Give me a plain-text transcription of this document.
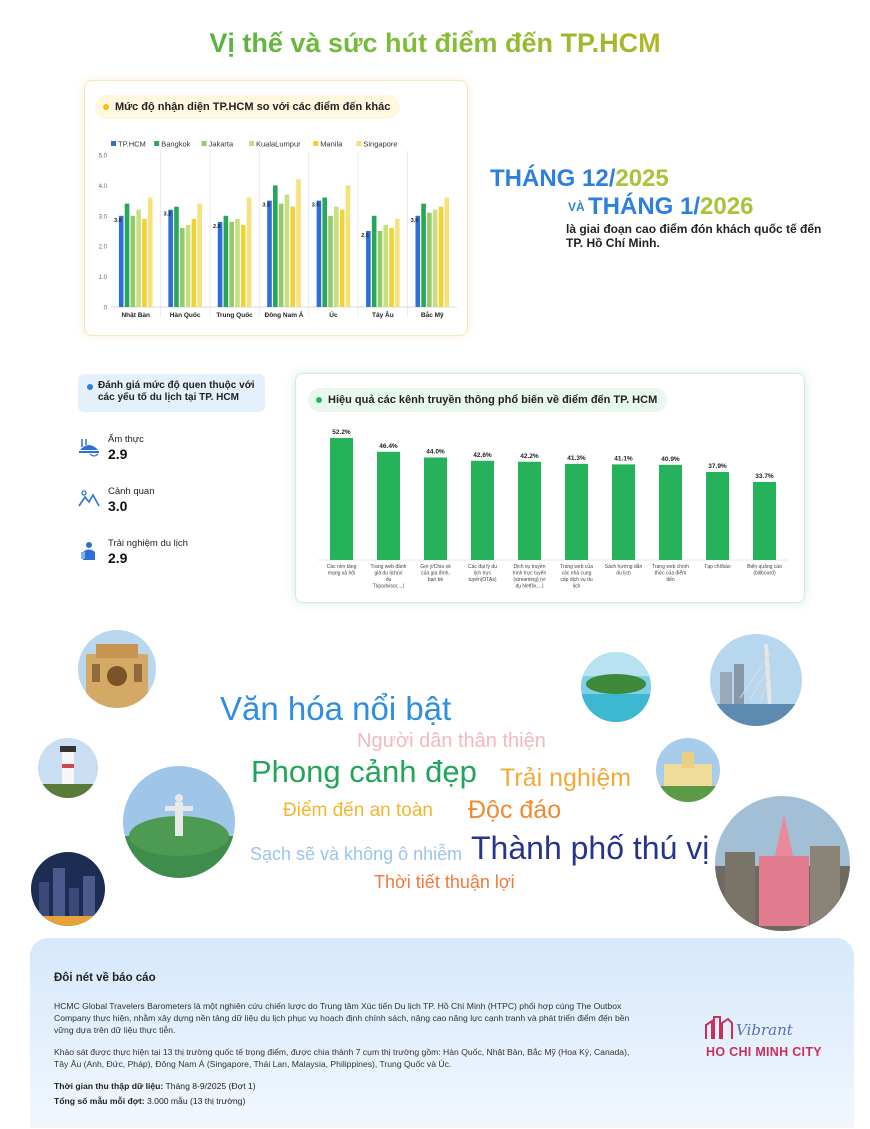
Vị thế và sức hút điểm đến TP.HCM
Mức độ nhận diện TP.HCM so với các điểm đến khác
TP.HCM Bangkok Jakarta	KualaLumpur	Manila	Singapore
0
1.0
2.0
3.0
4.0
5.0
3.0
Nhật Bản
3.2
Hàn Quốc
2.8
Trung Quốc
3.5
Đông Nam Á
3.5
Úc
2.5
Tây Âu
3.0
Bắc Mỹ
THÁNG 12/2025
VÀ THÁNG 1/2026
là giai đoạn cao điểm đón khách quốc tế đến TP. Hồ Chí Minh.
Đánh giá mức độ quen thuộc với các yếu tố du lịch tại TP. HCM
Ẩm thực
2.9
Cảnh quan
3.0
Trải nghiệm du lịch
2.9
Hiệu quả các kênh truyền thông phổ biến về điểm đến TP. HCM
52.2%
Các nền tảng
mạng xã hội
46.4%
Trang web đánh
giá du lịch(ví
dụ
Tripadvisor,...)
44.0%
Gợi ý/Chia sẻ
của gia đình,
bạn bè
42.6%
Các đại lý du
lịch trực
tuyến(OTAs)
42.2%
Dịch vụ truyền
hình trực tuyến
(streaming) (ví
dụ Netflix,...)
41.3%
Trang web của
các nhà cung
cấp dịch vụ du
lịch
41.1%
Sách hướng dẫn
du lịch
40.9%
Trang web chính
thức của điểm
đến
37.9%
Tạp chí/báo
33.7%
Biển quảng cáo
(billboard)
Văn hóa nổi bật
Người dân thân thiện
Phong cảnh đẹp Trải nghiệm
Điểm đến an toàn Độc đáo
Sạch sẽ và không ô nhiễm Thành phố thú vị
Thời tiết thuận lợi
Đôi nét về báo cáo
HCMC Global Travelers Barometers là một nghiên cứu chiến lược do Trung tâm Xúc tiến Du lịch TP. Hồ Chí Minh (HTPC) phối hợp cùng The Outbox Company thực hiện, nhằm xây dựng nền tảng dữ liệu du lịch phục vụ hoạch định chính sách, nâng cao năng lực cạnh tranh và phát triển điểm đến bền vững dựa trên dữ liệu thực tiễn.
Khảo sát được thực hiện tại 13 thị trường quốc tế trọng điểm, được chia thành 7 cụm thị trường gồm: Hàn Quốc, Nhật Bản, Bắc Mỹ (Hoa Kỳ, Canada), Tây Âu (Anh, Đức, Pháp), Đông Nam Á (Singapore, Thái Lan, Malaysia, Philippines), Trung Quốc và Úc.
Thời gian thu thập dữ liệu: Tháng 8-9/2025 (Đợt 1)
Tổng số mẫu mỗi đợt: 3.000 mẫu (13 thị trường)
Vibrant
HO CHI MINH CITY
